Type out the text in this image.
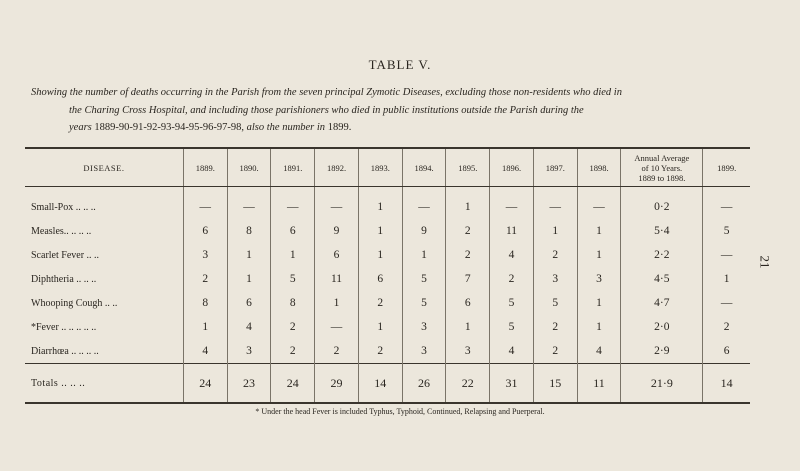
TABLE V.
Showing the number of deaths occurring in the Parish from the seven principal Zymotic Diseases, excluding those non-residents who died in
the Charing Cross Hospital, and including those parishioners who died in public institutions outside the Parish during the
years 1889-90-91-92-93-94-95-96-97-98, also the number in 1899.
21
DISEASE.	1889.	1890.	1891.	1892.	1893.	1894.	1895.	1896.	1897.	1898.	Annual Average
of 10 Years.
1889 to 1898.	1899.
Small-Pox .. .. ..	—	—	—	—	1	—	1	—	—	—	0·2	—
Measles.. .. .. ..	6	8	6	9	1	9	2	11	1	1	5·4	5
Scarlet Fever .. ..	3	1	1	6	1	1	2	4	2	1	2·2	—
Diphtheria .. .. ..	2	1	5	11	6	5	7	2	3	3	4·5	1
Whooping Cough .. ..	8	6	8	1	2	5	6	5	5	1	4·7	—
*Fever .. .. .. .. ..	1	4	2	—	1	3	1	5	2	1	2·0	2
Diarrhœa .. .. .. ..	4	3	2	2	2	3	3	4	2	4	2·9	6
Totals .. .. ..	24	23	24	29	14	26	22	31	15	11	21·9	14
* Under the head Fever is included Typhus, Typhoid, Continued, Relapsing and Puerperal.
